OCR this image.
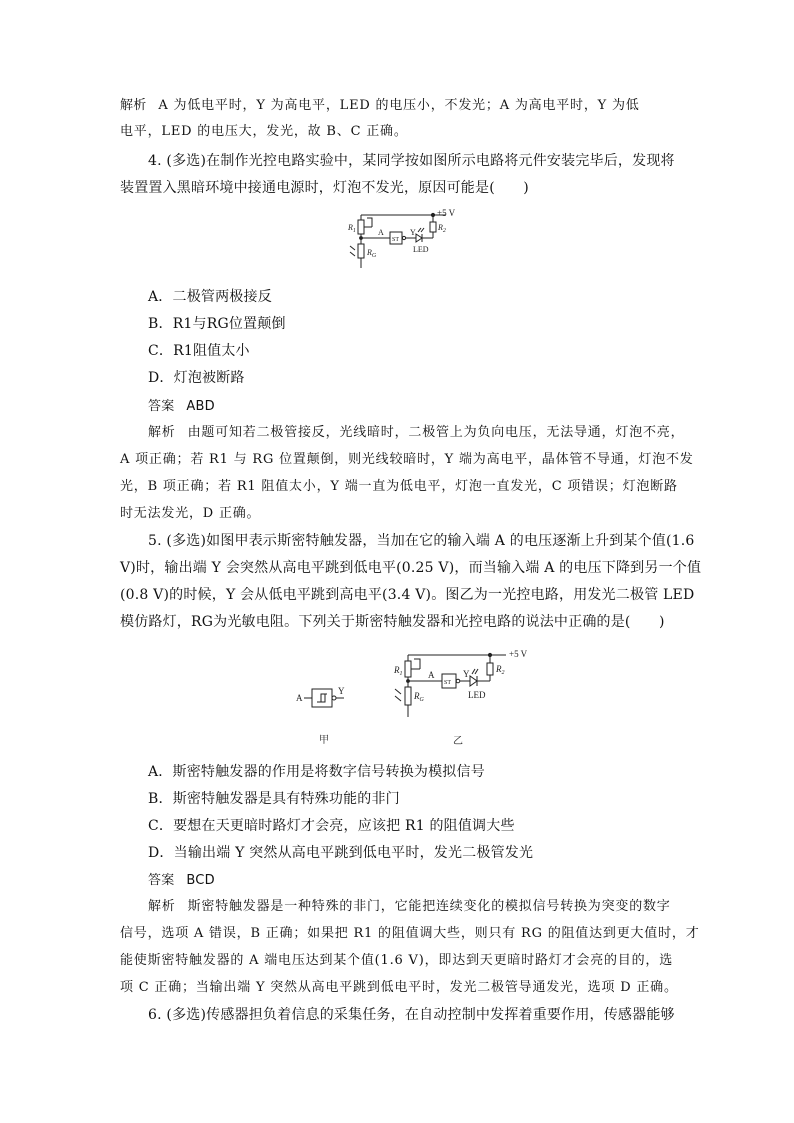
解析 A 为低电平时，Y 为高电平，LED 的电压小，不发光；A 为高电平时，Y 为低
电平，LED 的电压大，发光，故 B、C 正确。
4. (多选)在制作光控电路实验中，某同学按如图所示电路将元件安装完毕后，发现将
装置置入黑暗环境中接通电源时，灯泡不发光，原因可能是(　　)
+5 V
$R_1$	A
ST
Y
LED
$R_2$
$R_G$
A．二极管两极接反
B．R1与RG位置颠倒
C．R1阻值太小
D．灯泡被断路
答案 ABD
解析 由题可知若二极管接反，光线暗时，二极管上为负向电压，无法导通，灯泡不亮，
A 项正确；若 R1 与 RG 位置颠倒，则光线较暗时，Y 端为高电平，晶体管不导通，灯泡不发
光，B 项正确；若 R1 阻值太小，Y 端一直为低电平，灯泡一直发光，C 项错误；灯泡断路
时无法发光，D 正确。
5. (多选)如图甲表示斯密特触发器，当加在它的输入端 A 的电压逐渐上升到某个值(1.6
V)时，输出端 Y 会突然从高电平跳到低电平(0.25 V)，而当输入端 A 的电压下降到另一个值
(0.8 V)的时候，Y 会从低电平跳到高电平(3.4 V)。图乙为一光控电路，用发光二极管 LED
模仿路灯，RG为光敏电阻。下列关于斯密特触发器和光控电路的说法中正确的是(　　)
A
Y
甲
+5 V
$R_1$	A
ST
Y
LED
$R_2$
$R_G$
乙
A．斯密特触发器的作用是将数字信号转换为模拟信号
B．斯密特触发器是具有特殊功能的非门
C．要想在天更暗时路灯才会亮，应该把 R1 的阻值调大些
D．当输出端 Y 突然从高电平跳到低电平时，发光二极管发光
答案 BCD
解析 斯密特触发器是一种特殊的非门，它能把连续变化的模拟信号转换为突变的数字
信号，选项 A 错误，B 正确；如果把 R1 的阻值调大些，则只有 RG 的阻值达到更大值时，才
能使斯密特触发器的 A 端电压达到某个值(1.6 V)，即达到天更暗时路灯才会亮的目的，选
项 C 正确；当输出端 Y 突然从高电平跳到低电平时，发光二极管导通发光，选项 D 正确。
6. (多选)传感器担负着信息的采集任务，在自动控制中发挥着重要作用，传感器能够
